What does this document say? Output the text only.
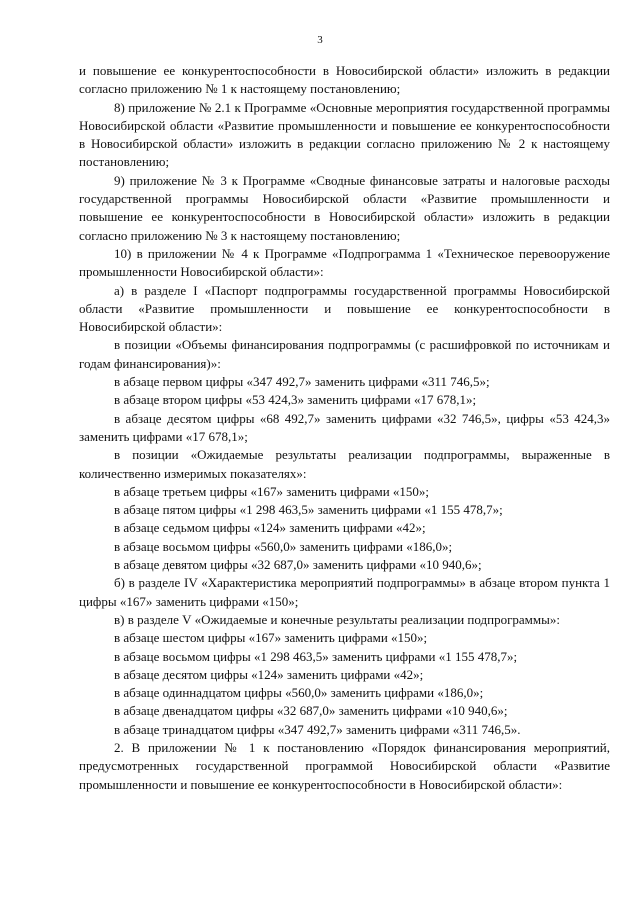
3

и повышение ее конкурентоспособности в Новосибирской области» изложить в редакции согласно приложению № 1 к настоящему постановлению;

8) приложение № 2.1 к Программе «Основные мероприятия государственной программы Новосибирской области «Развитие промышленности и повышение ее конкурентоспособности в Новосибирской области» изложить в редакции согласно приложению № 2 к настоящему постановлению;

9) приложение № 3 к Программе «Сводные финансовые затраты и налоговые расходы государственной программы Новосибирской области «Развитие промышленности и повышение ее конкурентоспособности в Новосибирской области» изложить в редакции согласно приложению № 3 к настоящему постановлению;

10) в приложении № 4 к Программе «Подпрограмма 1 «Техническое перевооружение промышленности Новосибирской области»:

а) в разделе I «Паспорт подпрограммы государственной программы Новосибирской области «Развитие промышленности и повышение ее конкурентоспособности в Новосибирской области»:

в позиции «Объемы финансирования подпрограммы (с расшифровкой по источникам и годам финансирования)»:

в абзаце первом цифры «347 492,7» заменить цифрами «311 746,5»;

в абзаце втором цифры «53 424,3» заменить цифрами «17 678,1»;

в абзаце десятом цифры «68 492,7» заменить цифрами «32 746,5», цифры «53 424,3» заменить цифрами «17 678,1»;

в позиции «Ожидаемые результаты реализации подпрограммы, выраженные в количественно измеримых показателях»:

в абзаце третьем цифры «167» заменить цифрами «150»;

в абзаце пятом цифры «1 298 463,5» заменить цифрами «1 155 478,7»;

в абзаце седьмом цифры «124» заменить цифрами «42»;

в абзаце восьмом цифры «560,0» заменить цифрами «186,0»;

в абзаце девятом цифры «32 687,0» заменить цифрами «10 940,6»;

б) в разделе IV «Характеристика мероприятий подпрограммы» в абзаце втором пункта 1 цифры «167» заменить цифрами «150»;

в) в разделе V «Ожидаемые и конечные результаты реализации подпрограммы»:

в абзаце шестом цифры «167» заменить цифрами «150»;

в абзаце восьмом цифры «1 298 463,5» заменить цифрами «1 155 478,7»;

в абзаце десятом цифры «124» заменить цифрами «42»;

в абзаце одиннадцатом цифры «560,0» заменить цифрами «186,0»;

в абзаце двенадцатом цифры «32 687,0» заменить цифрами «10 940,6»;

в абзаце тринадцатом цифры «347 492,7» заменить цифрами «311 746,5».

2. В приложении № 1 к постановлению «Порядок финансирования мероприятий, предусмотренных государственной программой Новосибирской области «Развитие промышленности и повышение ее конкурентоспособности в Новосибирской области»:
